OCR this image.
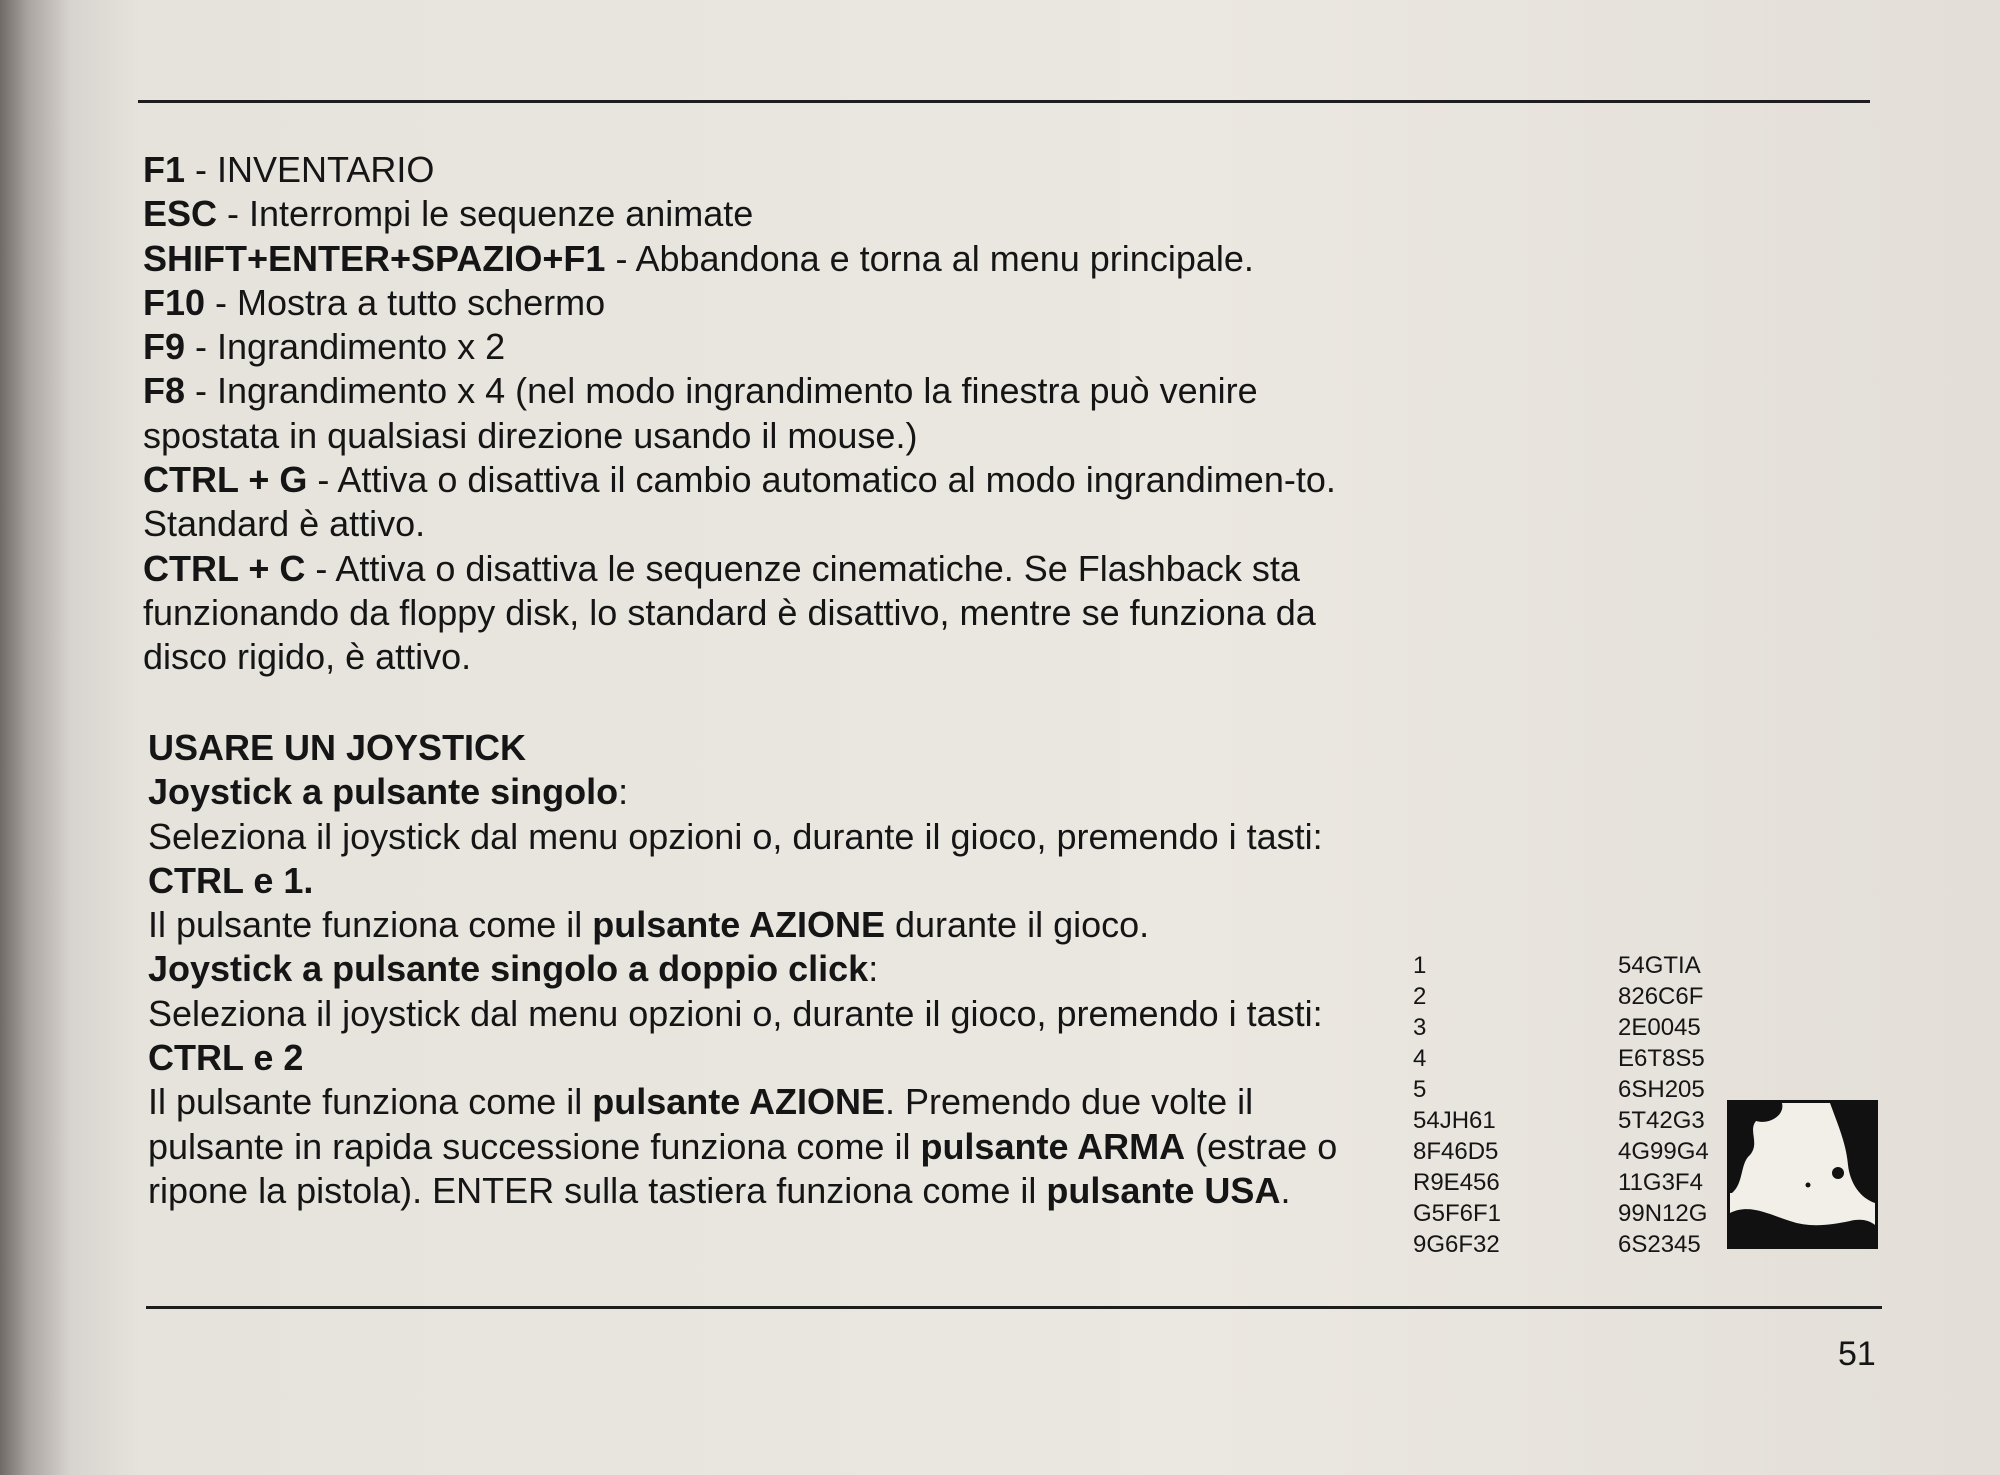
F1 - INVENTARIO

ESC - Interrompi le sequenze animate

SHIFT+ENTER+SPAZIO+F1 - Abbandona e torna al menu principale.

F10 - Mostra a tutto schermo

F9 - Ingrandimento x 2

F8 - Ingrandimento x 4 (nel modo ingrandimento la finestra può venire spostata in qualsiasi direzione usando il mouse.)

CTRL + G - Attiva o disattiva il cambio automatico al modo ingrandimen-to. Standard è attivo.

CTRL + C - Attiva o disattiva le sequenze cinematiche. Se Flashback sta funzionando da floppy disk, lo standard è disattivo, mentre se funziona da disco rigido, è attivo.

USARE UN JOYSTICK

Joystick a pulsante singolo:

Seleziona il joystick dal menu opzioni o, durante il gioco, premendo i tasti: CTRL e 1.

Il pulsante funziona come il pulsante AZIONE durante il gioco.

Joystick a pulsante singolo a doppio click:

Seleziona il joystick dal menu opzioni o, durante il gioco, premendo i tasti: CTRL e 2

Il pulsante funziona come il pulsante AZIONE. Premendo due volte il pulsante in rapida successione funziona come il pulsante ARMA (estrae o ripone la pistola). ENTER sulla tastiera funziona come il pulsante USA.

1	54GTIA
2	826C6F
3	2E0045
4	E6T8S5
5	6SH205
54JH61	5T42G3
8F46D5	4G99G4
R9E456	11G3F4
G5F6F1	99N12G
9G6F32	6S2345
51
